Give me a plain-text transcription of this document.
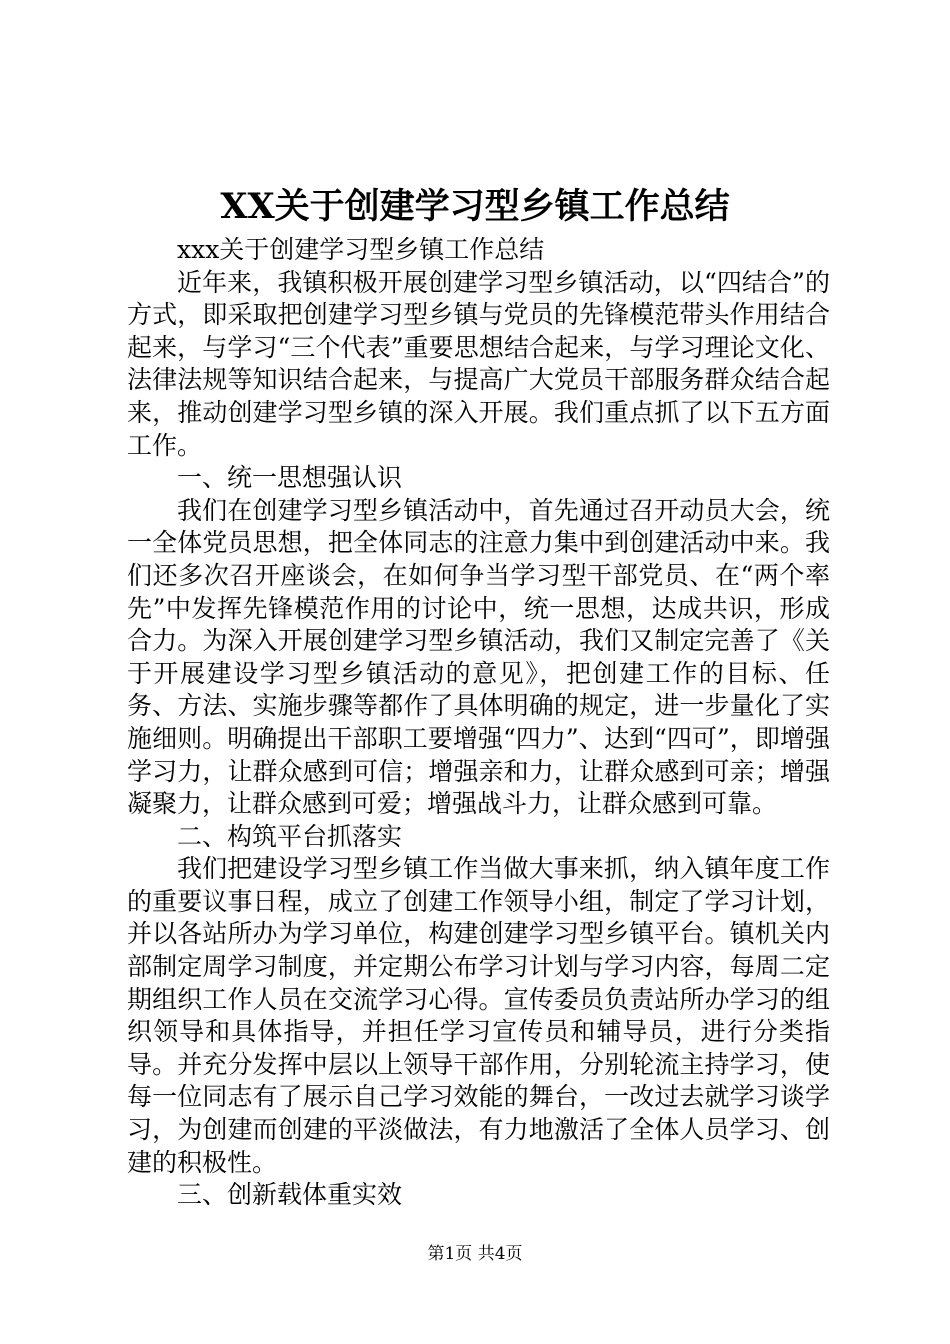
XX关于创建学习型乡镇工作总结

xxx关于创建学习型乡镇工作总结

近年来，我镇积极开展创建学习型乡镇活动，以“四结合”的方式，即采取把创建学习型乡镇与党员的先锋模范带头作用结合起来，与学习“三个代表”重要思想结合起来，与学习理论文化、法律法规等知识结合起来，与提高广大党员干部服务群众结合起来，推动创建学习型乡镇的深入开展。我们重点抓了以下五方面工作。

一、统一思想强认识

我们在创建学习型乡镇活动中，首先通过召开动员大会，统一全体党员思想，把全体同志的注意力集中到创建活动中来。我们还多次召开座谈会，在如何争当学习型干部党员、在“两个率先”中发挥先锋模范作用的讨论中，统一思想，达成共识，形成合力。为深入开展创建学习型乡镇活动，我们又制定完善了《关于开展建设学习型乡镇活动的意见》，把创建工作的目标、任务、方法、实施步骤等都作了具体明确的规定，进一步量化了实施细则。明确提出干部职工要增强“四力”、达到“四可”，即增强学习力，让群众感到可信；增强亲和力，让群众感到可亲；增强凝聚力，让群众感到可爱；增强战斗力，让群众感到可靠。

二、构筑平台抓落实

我们把建设学习型乡镇工作当做大事来抓，纳入镇年度工作的重要议事日程，成立了创建工作领导小组，制定了学习计划，并以各站所办为学习单位，构建创建学习型乡镇平台。镇机关内部制定周学习制度，并定期公布学习计划与学习内容，每周二定期组织工作人员在交流学习心得。宣传委员负责站所办学习的组织领导和具体指导，并担任学习宣传员和辅导员，进行分类指导。并充分发挥中层以上领导干部作用，分别轮流主持学习，使每一位同志有了展示自己学习效能的舞台，一改过去就学习谈学习，为创建而创建的平淡做法，有力地激活了全体人员学习、创建的积极性。

三、创新载体重实效

第1页 共4页
